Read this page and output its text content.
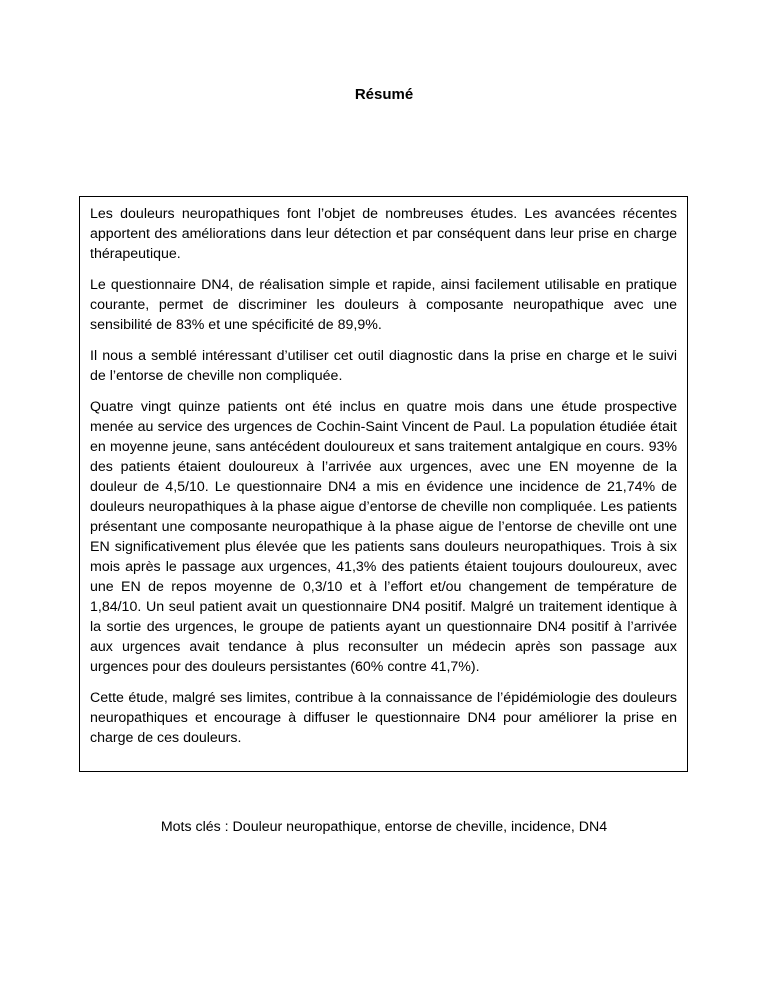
Résumé

Les douleurs neuropathiques font l’objet de nombreuses études. Les avancées récentes apportent des améliorations dans leur détection et par conséquent dans leur prise en charge thérapeutique.

Le questionnaire DN4, de réalisation simple et rapide, ainsi facilement utilisable en pratique courante, permet de discriminer les douleurs à composante neuropathique avec une sensibilité de 83% et une spécificité de 89,9%.

Il nous a semblé intéressant d’utiliser cet outil diagnostic dans la prise en charge et le suivi de l’entorse de cheville non compliquée.

Quatre vingt quinze patients ont été inclus en quatre mois dans une étude prospective menée au service des urgences de Cochin-Saint Vincent de Paul. La population étudiée était en moyenne jeune, sans antécédent douloureux et sans traitement antalgique en cours. 93% des patients étaient douloureux à l’arrivée aux urgences, avec une EN moyenne de la douleur de 4,5/10. Le questionnaire DN4 a mis en évidence une incidence de 21,74% de douleurs neuropathiques à la phase aigue d’entorse de cheville non compliquée. Les patients présentant une composante neuropathique à la phase aigue de l’entorse de cheville ont une EN significativement plus élevée que les patients sans douleurs neuropathiques. Trois à six mois après le passage aux urgences, 41,3% des patients étaient toujours douloureux, avec une EN de repos moyenne de 0,3/10 et à l’effort et/ou changement de température de 1,84/10. Un seul patient avait un questionnaire DN4 positif. Malgré un traitement identique à la sortie des urgences, le groupe de patients ayant un questionnaire DN4 positif à l’arrivée aux urgences avait tendance à plus reconsulter un médecin après son passage aux urgences pour des douleurs persistantes (60% contre 41,7%).

Cette étude, malgré ses limites, contribue à la connaissance de l’épidémiologie des douleurs neuropathiques et encourage à diffuser le questionnaire DN4 pour améliorer la prise en charge de ces douleurs.

Mots clés : Douleur neuropathique, entorse de cheville, incidence, DN4
